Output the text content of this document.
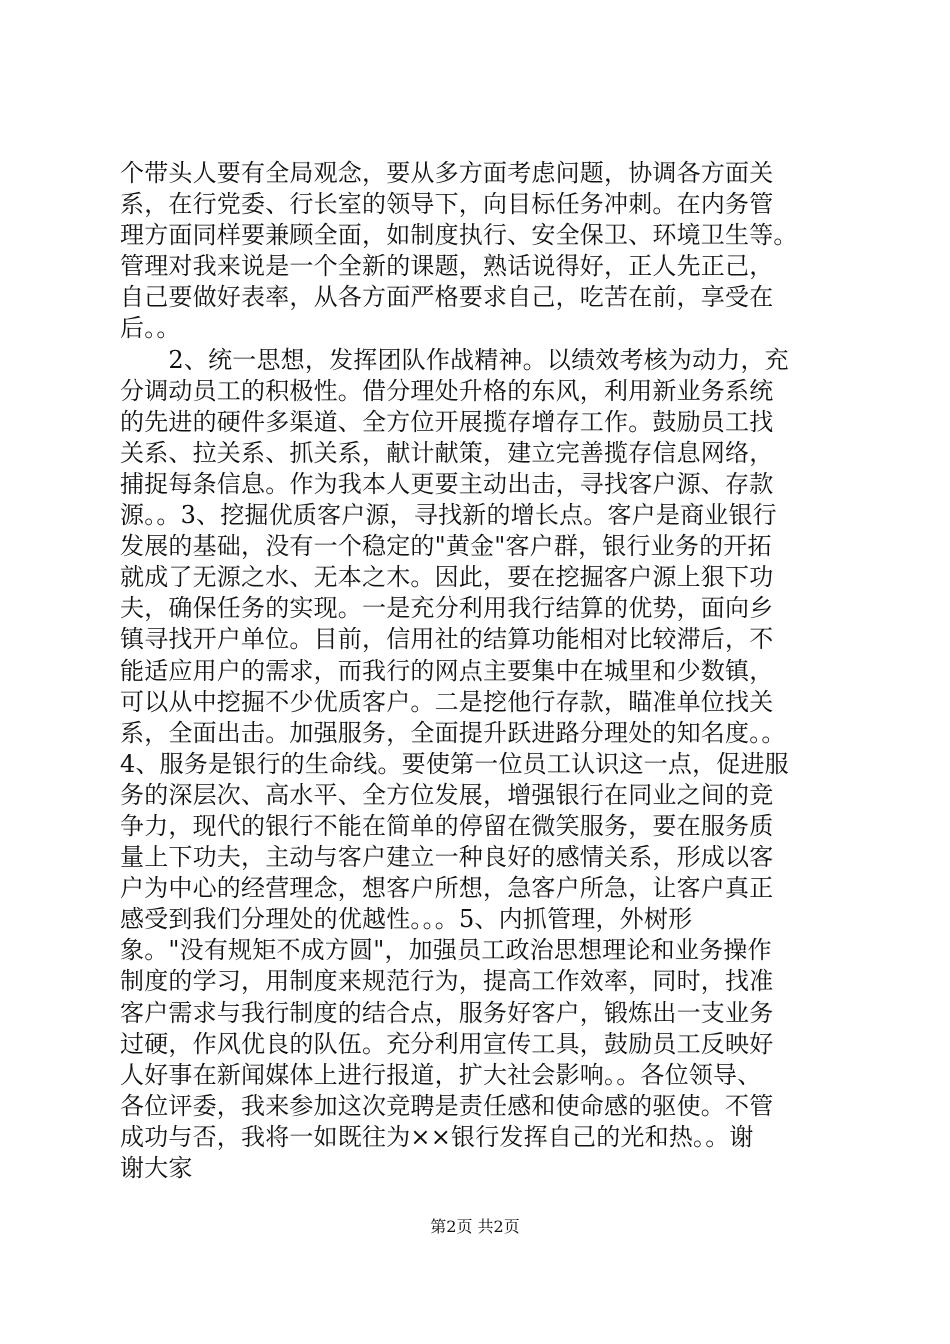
个带头人要有全局观念，要从多方面考虑问题，协调各方面关
系，在行党委、行长室的领导下，向目标任务冲刺。在内务管
理方面同样要兼顾全面，如制度执行、安全保卫、环境卫生等。
管理对我来说是一个全新的课题，熟话说得好，正人先正己，
自己要做好表率，从各方面严格要求自己，吃苦在前，享受在
后。。
　　2、统一思想，发挥团队作战精神。以绩效考核为动力，充
分调动员工的积极性。借分理处升格的东风，利用新业务系统
的先进的硬件多渠道、全方位开展揽存增存工作。鼓励员工找
关系、拉关系、抓关系，献计献策，建立完善揽存信息网络，
捕捉每条信息。作为我本人更要主动出击，寻找客户源、存款
源。。3、挖掘优质客户源，寻找新的增长点。客户是商业银行
发展的基础，没有一个稳定的"黄金"客户群，银行业务的开拓
就成了无源之水、无本之木。因此，要在挖掘客户源上狠下功
夫，确保任务的实现。一是充分利用我行结算的优势，面向乡
镇寻找开户单位。目前，信用社的结算功能相对比较滞后，不
能适应用户的需求，而我行的网点主要集中在城里和少数镇，
可以从中挖掘不少优质客户。二是挖他行存款，瞄准单位找关
系，全面出击。加强服务，全面提升跃进路分理处的知名度。。
4、服务是银行的生命线。要使第一位员工认识这一点，促进服
务的深层次、高水平、全方位发展，增强银行在同业之间的竞
争力，现代的银行不能在简单的停留在微笑服务，要在服务质
量上下功夫，主动与客户建立一种良好的感情关系，形成以客
户为中心的经营理念，想客户所想，急客户所急，让客户真正
感受到我们分理处的优越性。。。5、内抓管理，外树形
象。"没有规矩不成方圆"，加强员工政治思想理论和业务操作
制度的学习，用制度来规范行为，提高工作效率，同时，找准
客户需求与我行制度的结合点，服务好客户，锻炼出一支业务
过硬，作风优良的队伍。充分利用宣传工具，鼓励员工反映好
人好事在新闻媒体上进行报道，扩大社会影响。。各位领导、
各位评委，我来参加这次竞聘是责任感和使命感的驱使。不管
成功与否，我将一如既往为××银行发挥自己的光和热。。谢
谢大家
第2页 共2页
